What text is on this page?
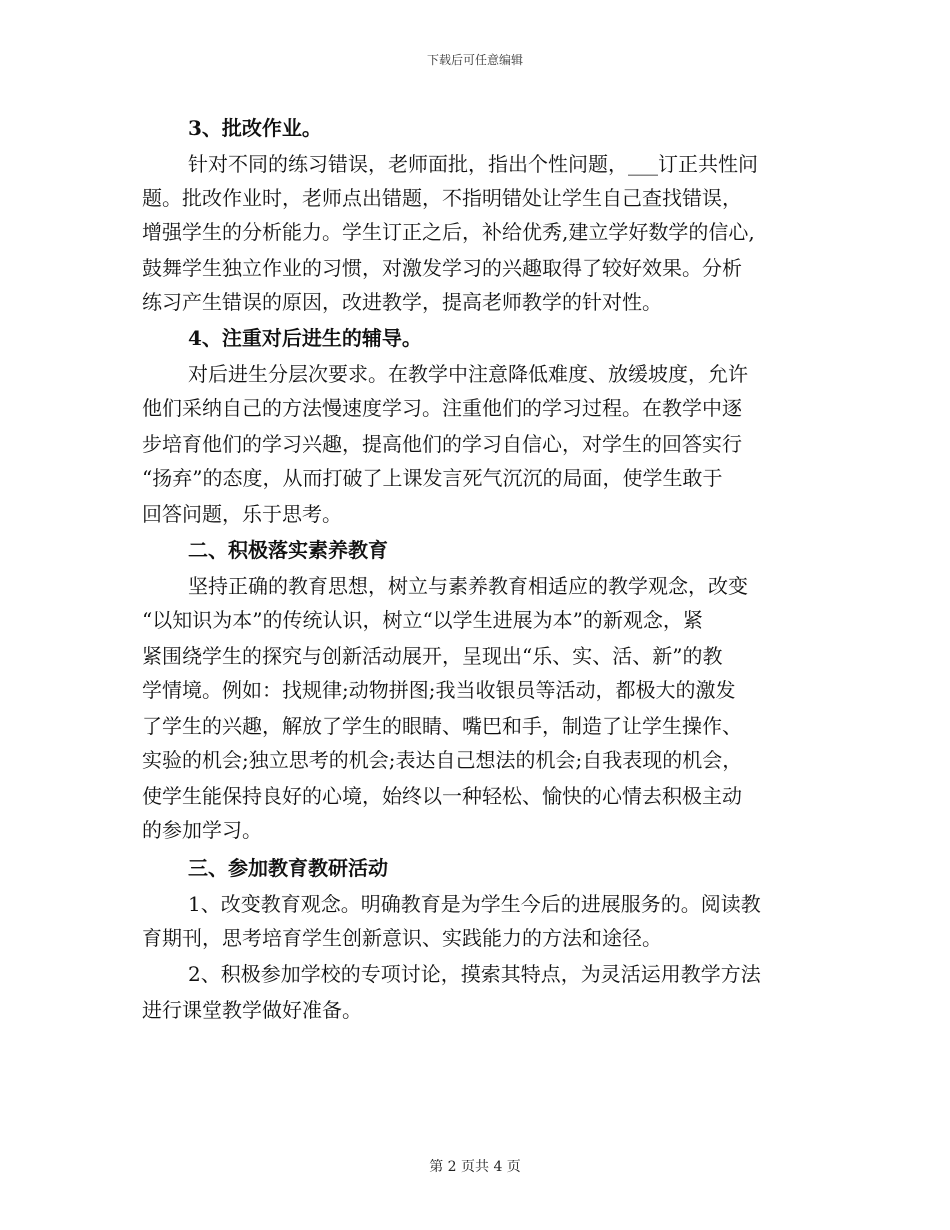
下载后可任意编辑
3、批改作业。
针对不同的练习错误，老师面批，指出个性问题，___订正共性问
题。批改作业时，老师点出错题，不指明错处让学生自己查找错误，
增强学生的分析能力。学生订正之后，补给优秀,建立学好数学的信心,
鼓舞学生独立作业的习惯，对激发学习的兴趣取得了较好效果。分析
练习产生错误的原因，改进教学，提高老师教学的针对性。
4、注重对后进生的辅导。
对后进生分层次要求。在教学中注意降低难度、放缓坡度，允许
他们采纳自己的方法慢速度学习。注重他们的学习过程。在教学中逐
步培育他们的学习兴趣，提高他们的学习自信心，对学生的回答实行
“扬弃”的态度，从而打破了上课发言死气沉沉的局面，使学生敢于
回答问题，乐于思考。
二、积极落实素养教育
坚持正确的教育思想，树立与素养教育相适应的教学观念，改变
“以知识为本”的传统认识，树立“以学生进展为本”的新观念，紧
紧围绕学生的探究与创新活动展开，呈现出“乐、实、活、新”的教
学情境。例如：找规律;动物拼图;我当收银员等活动，都极大的激发
了学生的兴趣，解放了学生的眼睛、嘴巴和手，制造了让学生操作、
实验的机会;独立思考的机会;表达自己想法的机会;自我表现的机会，
使学生能保持良好的心境，始终以一种轻松、愉快的心情去积极主动
的参加学习。
三、参加教育教研活动
1、改变教育观念。明确教育是为学生今后的进展服务的。阅读教
育期刊，思考培育学生创新意识、实践能力的方法和途径。
2、积极参加学校的专项讨论，摸索其特点，为灵活运用教学方法
进行课堂教学做好准备。
第 2 页共 4 页
